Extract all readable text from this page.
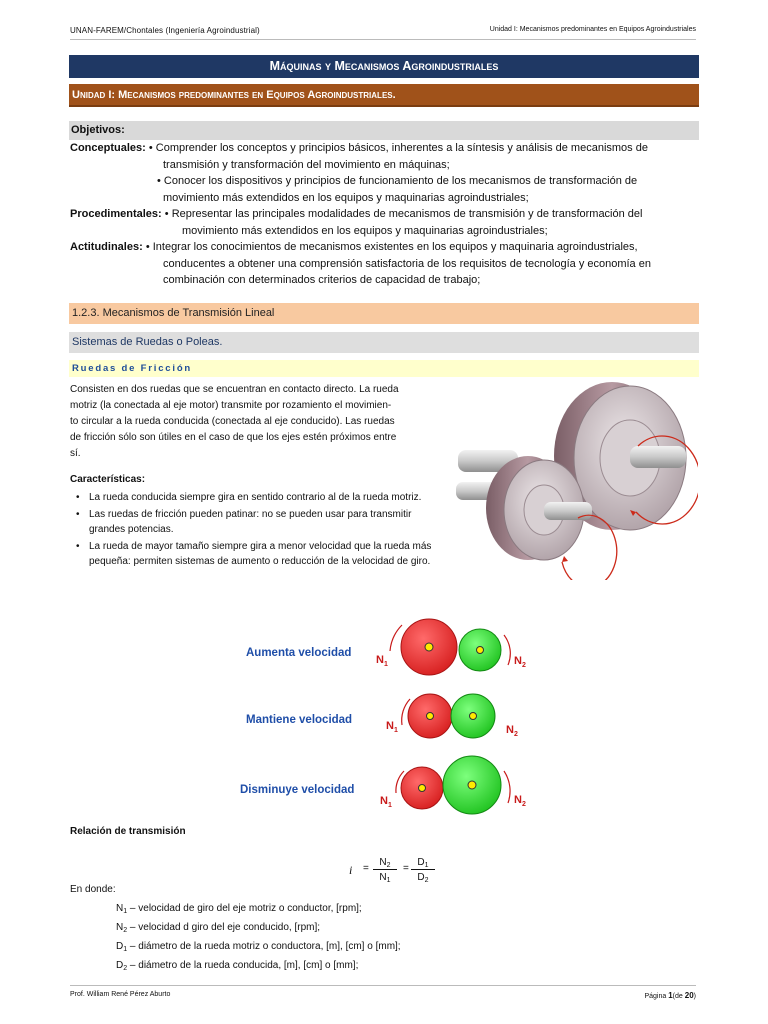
UNAN-FAREM/Chontales (Ingeniería Agroindustrial)	Unidad I: Mecanismos predominantes en Equipos Agroindustriales
Máquinas y Mecanismos Agroindustriales
Unidad I: Mecanismos predominantes en Equipos Agroindustriales.
Objetivos:
Conceptuales: • Comprender los conceptos y principios básicos, inherentes a la síntesis y análisis de mecanismos de
transmisión y transformación del movimiento en máquinas;
• Conocer los dispositivos y principios de funcionamiento de los mecanismos de transformación de
movimiento más extendidos en los equipos y maquinarias agroindustriales;
Procedimentales: • Representar las principales modalidades de mecanismos de transmisión y de transformación del
movimiento más extendidos en los equipos y maquinarias agroindustriales;
Actitudinales: • Integrar los conocimientos de mecanismos existentes en los equipos y maquinaria agroindustriales,
conducentes a obtener una comprensión satisfactoria de los requisitos de tecnología y economía en
combinación con determinados criterios de capacidad de trabajo;
1.2.3. Mecanismos de Transmisión Lineal
Sistemas de Ruedas o Poleas.
Ruedas de Fricción
Consisten en dos ruedas que se encuentran en contacto directo. La rueda
motriz (la conectada al eje motor) transmite por rozamiento el movimien-
to circular a la rueda conducida (conectada al eje conducido). Las ruedas
de fricción sólo son útiles en el caso de que los ejes estén próximos entre
sí.
Características:
• La rueda conducida siempre gira en sentido contrario al de la rueda motriz.
• Las ruedas de fricción pueden patinar: no se pueden usar para transmitir grandes potencias.
• La rueda de mayor tamaño siempre gira a menor velocidad que la rueda más pequeña: permiten sistemas de aumento o reducción de la velocidad de giro.
Aumenta velocidad
$N_1$	$N_2$
Mantiene velocidad	$N_1$	$N_2$
Disminuye velocidad
$N_1$	$N_2$
Relación de transmisión
i =
$N_2$
$N_1$
=
$D_1$
$D_2$
En donde:
$N_1$ – velocidad de giro del eje motriz o conductor, [rpm];
$N_2$ – velocidad d giro del eje conducido, [rpm];
$D_1$ – diámetro de la rueda motriz o conductora, [m], [cm] o [mm];
$D_2$ – diámetro de la rueda conducida, [m], [cm] o [mm];
Prof. William René Pérez Aburto	Página 1(de 20)
